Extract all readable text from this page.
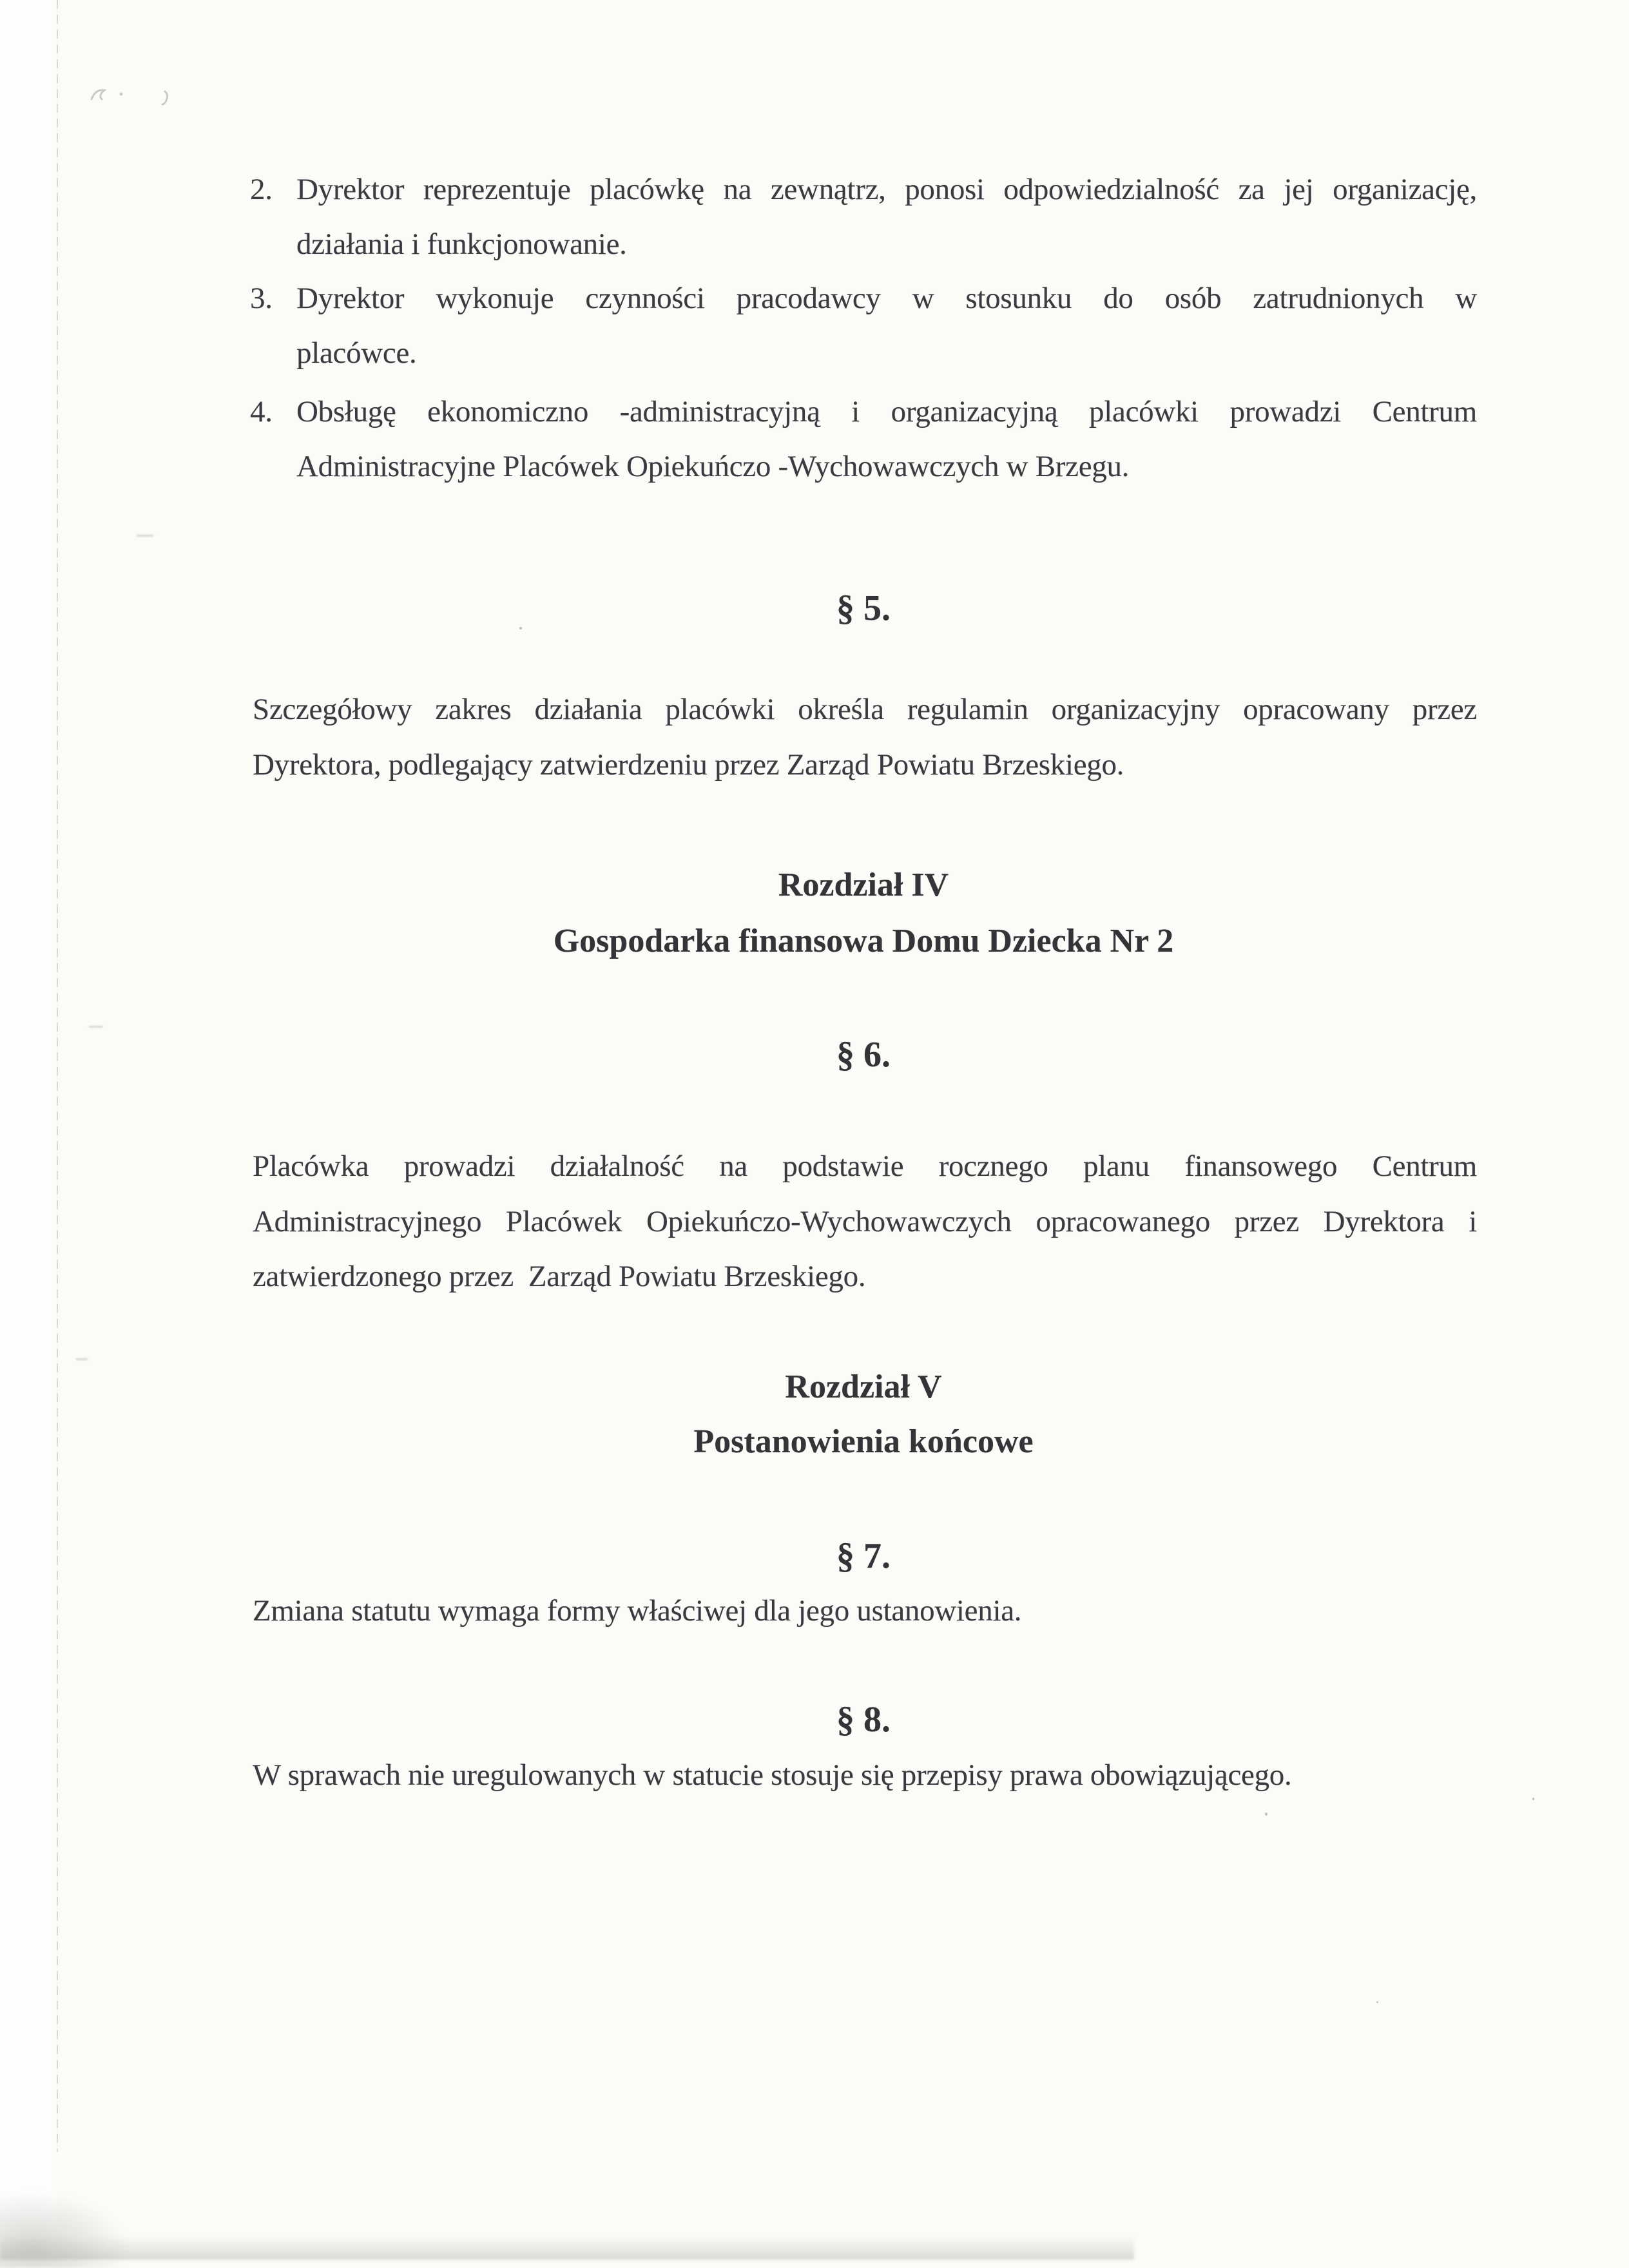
2. Dyrektor reprezentuje placówkę na zewnątrz, ponosi odpowiedzialność za jej organizację,
działania i funkcjonowanie.
3. Dyrektor wykonuje czynności pracodawcy w stosunku do osób zatrudnionych w
placówce.
4. Obsługę ekonomiczno -administracyjną i organizacyjną placówki prowadzi Centrum
Administracyjne Placówek Opiekuńczo -Wychowawczych w Brzegu.
§ 5.
Szczegółowy zakres działania placówki określa regulamin organizacyjny opracowany przez
Dyrektora, podlegający zatwierdzeniu przez Zarząd Powiatu Brzeskiego.
Rozdział IV
Gospodarka finansowa Domu Dziecka Nr 2
§ 6.
Placówka prowadzi działalność na podstawie rocznego planu finansowego Centrum
Administracyjnego Placówek Opiekuńczo-Wychowawczych opracowanego przez Dyrektora i
zatwierdzonego przez  Zarząd Powiatu Brzeskiego.
Rozdział V
Postanowienia końcowe
§ 7.
Zmiana statutu wymaga formy właściwej dla jego ustanowienia.
§ 8.
W sprawach nie uregulowanych w statucie stosuje się przepisy prawa obowiązującego.
